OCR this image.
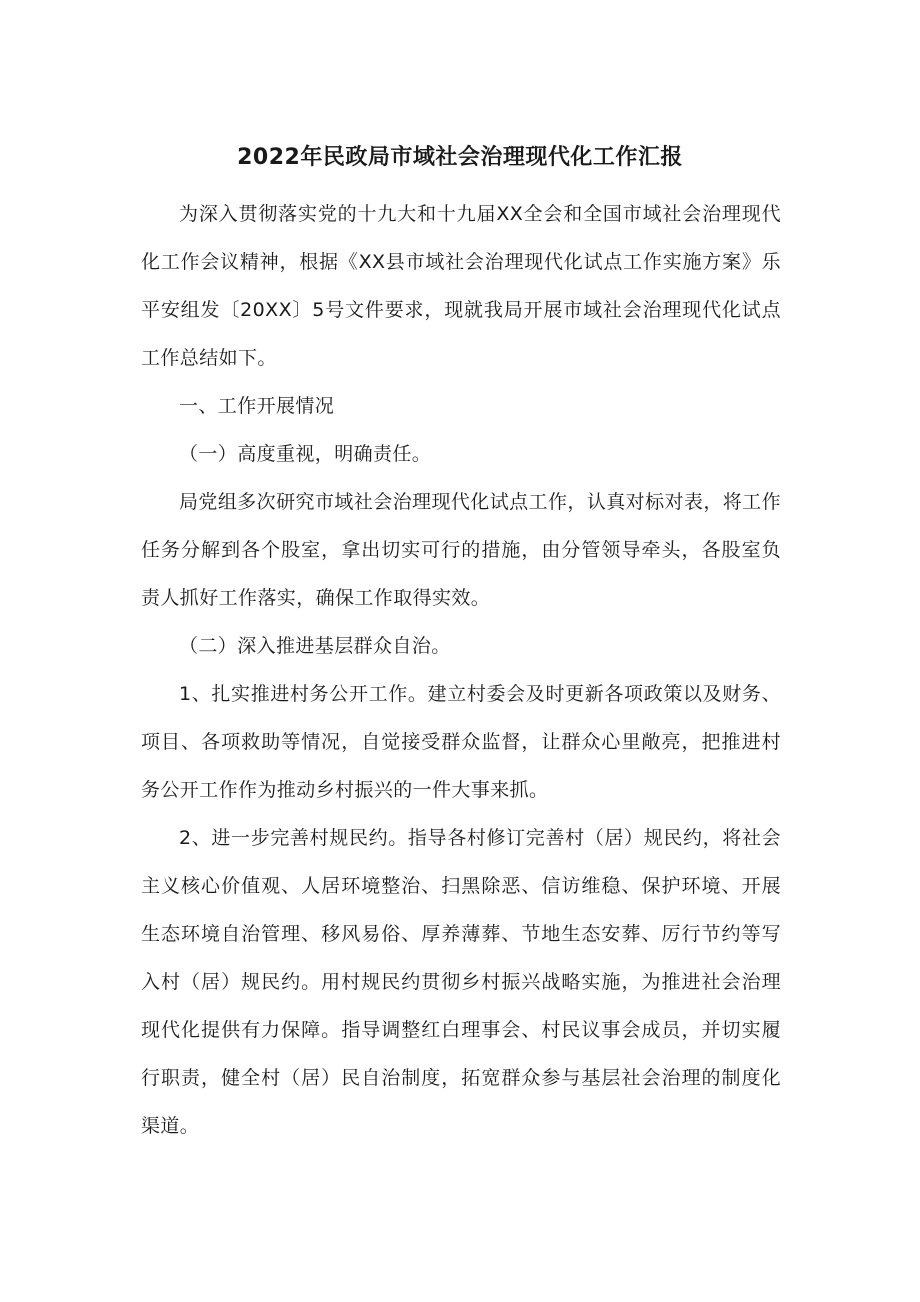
2022年民政局市域社会治理现代化工作汇报

为深入贯彻落实党的十九大和十九届XX全会和全国市域社会治理现代化工作会议精神，根据《XX县市域社会治理现代化试点工作实施方案》乐平安组发〔20XX〕5号文件要求，现就我局开展市域社会治理现代化试点工作总结如下。

一、工作开展情况

（一）高度重视，明确责任。

局党组多次研究市域社会治理现代化试点工作，认真对标对表，将工作任务分解到各个股室，拿出切实可行的措施，由分管领导牵头，各股室负责人抓好工作落实，确保工作取得实效。

（二）深入推进基层群众自治。

1、扎实推进村务公开工作。建立村委会及时更新各项政策以及财务、项目、各项救助等情况，自觉接受群众监督，让群众心里敞亮，把推进村务公开工作作为推动乡村振兴的一件大事来抓。

2、进一步完善村规民约。指导各村修订完善村（居）规民约，将社会主义核心价值观、人居环境整治、扫黑除恶、信访维稳、保护环境、开展生态环境自治管理、移风易俗、厚养薄葬、节地生态安葬、厉行节约等写入村（居）规民约。用村规民约贯彻乡村振兴战略实施，为推进社会治理现代化提供有力保障。指导调整红白理事会、村民议事会成员，并切实履行职责，健全村（居）民自治制度，拓宽群众参与基层社会治理的制度化渠道。
